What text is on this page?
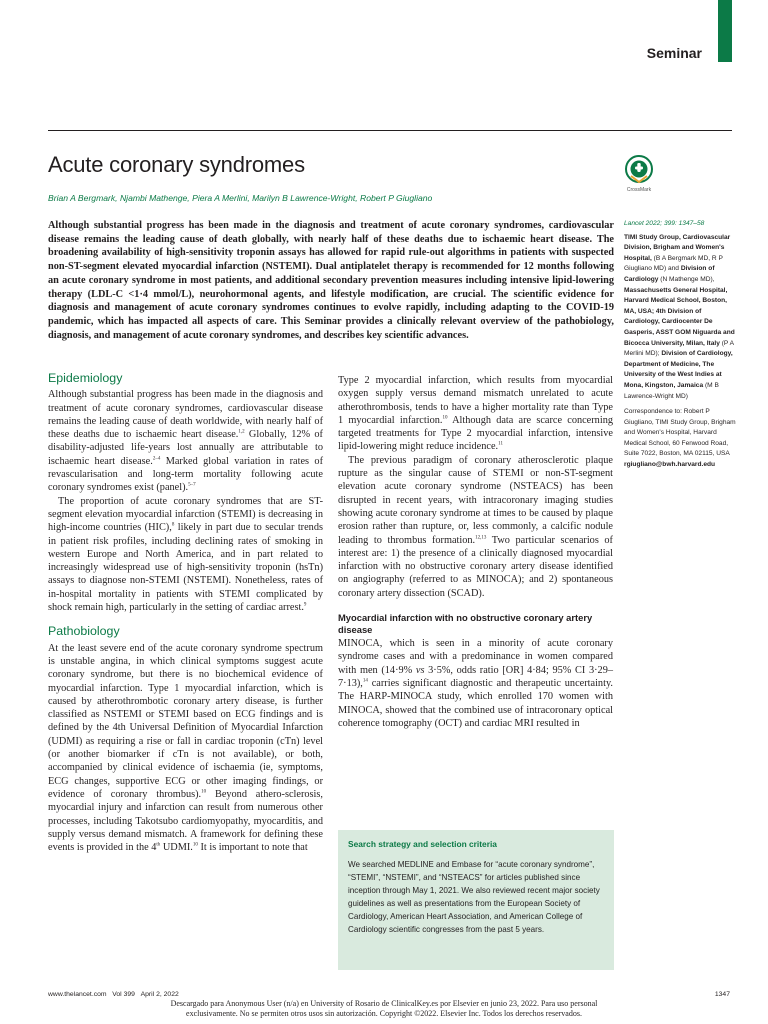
Seminar
Acute coronary syndromes
CrossMark
Brian A Bergmark, Njambi Mathenge, Piera A Merlini, Marilyn B Lawrence-Wright, Robert P Giugliano

Although substantial progress has been made in the diagnosis and treatment of acute coronary syndromes, cardiovascular disease remains the leading cause of death globally, with nearly half of these deaths due to ischaemic heart disease. The broadening availability of high-sensitivity troponin assays has allowed for rapid rule-out algorithms in patients with suspected non-ST-segment elevated myocardial infarction (NSTEMI). Dual antiplatelet therapy is recommended for 12 months following an acute coronary syndrome in most patients, and additional secondary prevention measures including intensive lipid-lowering therapy (LDL-C <1·4 mmol/L), neurohormonal agents, and lifestyle modification, are crucial. The scientific evidence for diagnosis and management of acute coronary syndromes continues to evolve rapidly, including adapting to the COVID-19 pandemic, which has impacted all aspects of care. This Seminar provides a clinically relevant overview of the pathobiology, diagnosis, and management of acute coronary syndromes, and describes key scientific advances.

Epidemiology

Although substantial progress has been made in the diagnosis and treatment of acute coronary syndromes, cardiovascular disease remains the leading cause of death worldwide, with nearly half of these deaths due to ischaemic heart disease.$^{1,2}$ Globally, 12% of disability-adjusted life-years lost annually are attributable to ischaemic heart disease.$^{2-4}$ Marked global variation in rates of revascularisation and long-term mortality following acute coronary syndromes exist (panel).$^{5-7}$

The proportion of acute coronary syndromes that are ST-segment elevation myocardial infarction (STEMI) is decreasing in high-income countries (HIC),$^8$ likely in part due to secular trends in patient risk profiles, including declining rates of smoking in western Europe and North America, and in part related to increasingly widespread use of high-sensitivity troponin (hsTn) assays to diagnose non-STEMI (NSTEMI). Nonetheless, rates of in-hospital mortality in patients with STEMI complicated by shock remain high, particularly in the setting of cardiac arrest.$^9$

Pathobiology

At the least severe end of the acute coronary syndrome spectrum is unstable angina, in which clinical symptoms suggest acute coronary syndrome, but there is no biochemical evidence of myocardial infarction. Type 1 myocardial infarction, which is caused by atherothrombotic coronary artery disease, is further classified as NSTEMI or STEMI based on ECG findings and is defined by the 4th Universal Definition of Myocardial Infarction (UDMI) as requiring a rise or fall in cardiac troponin (cTn) level (or another biomarker if cTn is not available), or both, accompanied by clinical evidence of ischaemia (ie, symptoms, ECG changes, supportive ECG or other imaging findings, or evidence of coronary thrombus).$^{10}$ Beyond athero-sclerosis, myocardial injury and infarction can result from numerous other processes, including Takotsubo cardiomyopathy, myocarditis, and supply versus demand mismatch. A framework for defining these events is provided in the 4th UDMI.$^{10}$ It is important to note that

Type 2 myocardial infarction, which results from myocardial oxygen supply versus demand mismatch unrelated to acute atherothrombosis, tends to have a higher mortality rate than Type 1 myocardial infarction.$^{10}$ Although data are scarce concerning targeted treatments for Type 2 myocardial infarction, intensive lipid-lowering might reduce incidence.$^{11}$

The previous paradigm of coronary atherosclerotic plaque rupture as the singular cause of STEMI or non-ST-segment elevation acute coronary syndrome (NSTEACS) has been disrupted in recent years, with intracoronary imaging studies showing acute coronary syndrome at times to be caused by plaque erosion rather than rupture, or, less commonly, a calcific nodule leading to thrombus formation.$^{12,13}$ Two particular scenarios of interest are: 1) the presence of a clinically diagnosed myocardial infarction with no obstructive coronary artery disease identified on angiography (referred to as MINOCA); and 2) spontaneous coronary artery dissection (SCAD).

Myocardial infarction with no obstructive coronary artery disease

MINOCA, which is seen in a minority of acute coronary syndrome cases and with a predominance in women compared with men (14·9% vs 3·5%, odds ratio [OR] 4·84; 95% CI 3·29–7·13),$^{14}$ carries significant diagnostic and therapeutic uncertainty. The HARP-MINOCA study, which enrolled 170 women with MINOCA, showed that the combined use of intracoronary optical coherence tomography (OCT) and cardiac MRI resulted in

Search strategy and selection criteria

We searched MEDLINE and Embase for “acute coronary syndrome”, “STEMI”, “NSTEMI”, and “NSTEACS” for articles published since inception through May 1, 2021. We also reviewed recent major society guidelines as well as presentations from the European Society of Cardiology, American Heart Association, and American College of Cardiology scientific congresses from the past 5 years.

Lancet 2022; 399: 1347–58

TIMI Study Group, Cardiovascular Division, Brigham and Women's Hospital, (B A Bergmark MD, R P Giugliano MD) and Division of Cardiology (N Mathenge MD), Massachusetts General Hospital, Harvard Medical School, Boston, MA, USA; 4th Division of Cardiology, Cardiocenter De Gasperis, ASST GOM Niguarda and Bicocca University, Milan, Italy (P A Merlini MD); Division of Cardiology, Department of Medicine, The University of the West Indies at Mona, Kingston, Jamaica (M B Lawrence-Wright MD)

Correspondence to: Robert P Giugliano, TIMI Study Group, Brigham and Women's Hospital, Harvard Medical School, 60 Fenwood Road, Suite 7022, Boston, MA 02115, USA

rgiugliano@bwh.harvard.edu

www.thelancet.com Vol 399 April 2, 2022	1347
Descargado para Anonymous User (n/a) en University of Rosario de ClinicalKey.es por Elsevier en junio 23, 2022. Para uso personal
exclusivamente. No se permiten otros usos sin autorización. Copyright ©2022. Elsevier Inc. Todos los derechos reservados.
